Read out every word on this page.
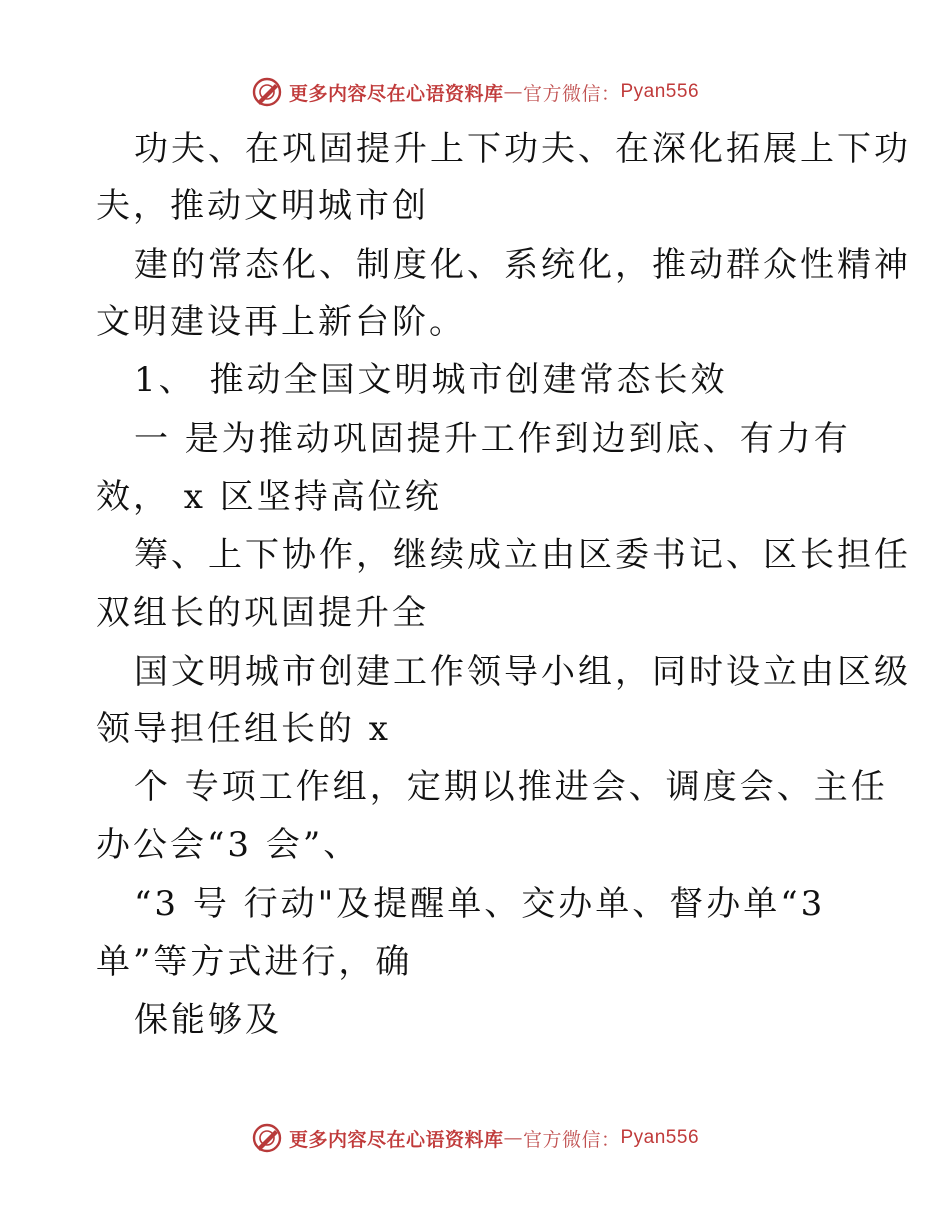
更多内容尽在心语资料库 — 官方微信： Pyan556
功夫、在巩固提升上下功夫、在深化拓展上下功
夫，推动文明城市创
建的常态化、制度化、系统化，推动群众性精神
文明建设再上新台阶。
1、 推动全国文明城市创建常态长效
一 是为推动巩固提升工作到边到底、有力有
效， x 区坚持高位统
筹、上下协作，继续成立由区委书记、区长担任
双组长的巩固提升全
国文明城市创建工作领导小组，同时设立由区级
领导担任组长的 x
个 专项工作组，定期以推进会、调度会、主任
办公会“3 会”、
“3 号 行动"及提醒单、交办单、督办单“3
单”等方式进行，确
保能够及
更多内容尽在心语资料库 — 官方微信： Pyan556
